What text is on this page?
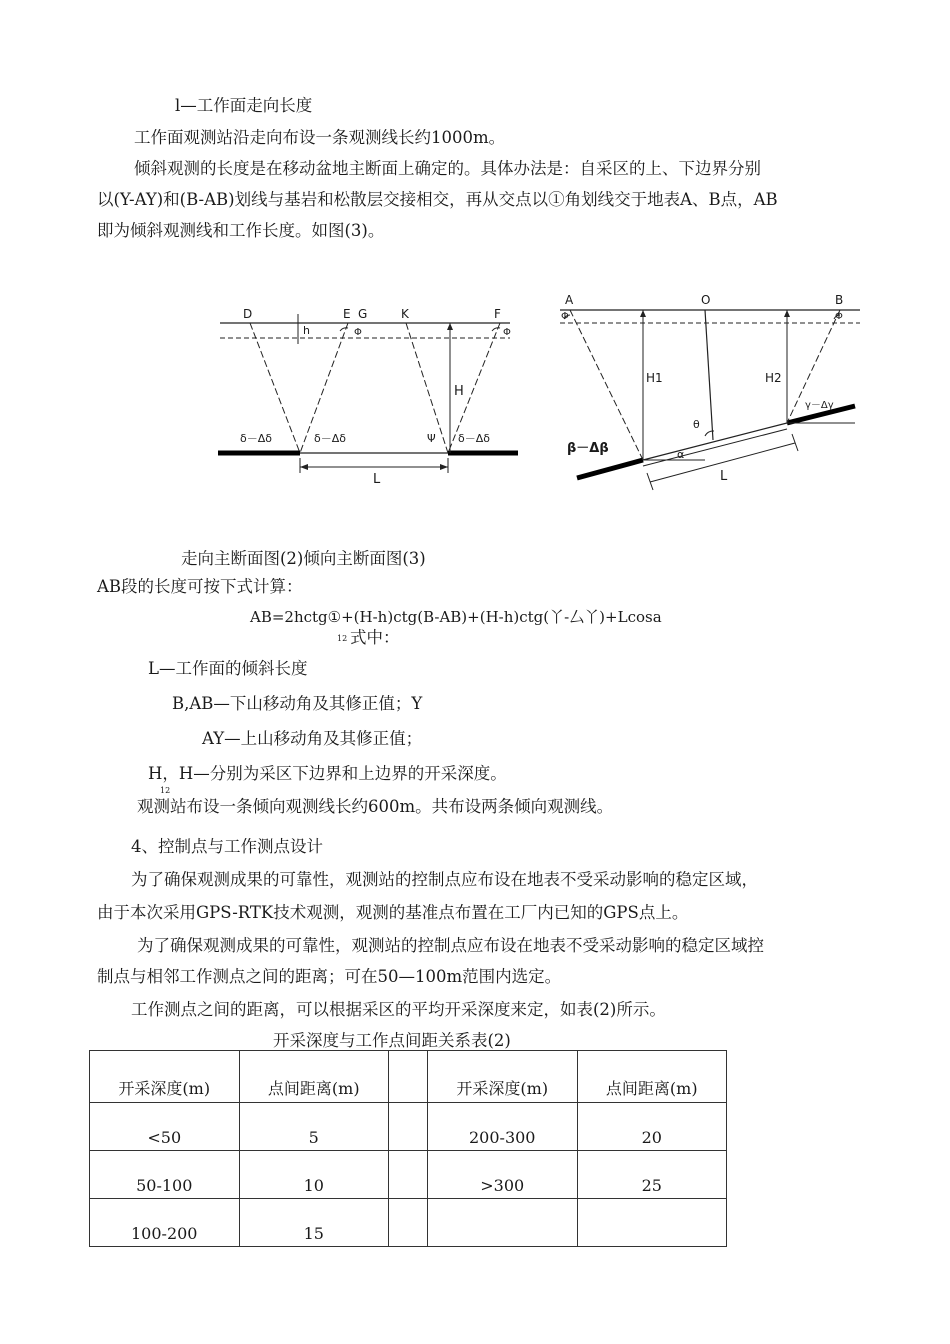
l—工作面走向长度
工作面观测站沿走向布设一条观测线长约1000m。
倾斜观测的长度是在移动盆地主断面上确定的。具体办法是：自采区的上、下边界分别
以(Y-AY)和(B-AB)划线与基岩和松散层交接相交，再从交点以①角划线交于地表A、B点，AB
即为倾斜观测线和工作长度。如图(3)。
D	E G	K	F
h	Φ	Φ
H
Ψ
δ－Δδ	δ－Δδ	δ－Δδ
L
A	O	B
Φ	Φ
H1	H2
θ
α
L
β－Δβ
γ－Δγ
走向主断面图(2)倾向主断面图(3)
AB段的长度可按下式计算：
AB=2hctg①+(H-h)ctg(B-AB)+(H-h)ctg(丫-厶丫)+Lcosa
12 式中：
L—工作面的倾斜长度
B,AB—下山移动角及其修正值；Y
AY—上山移动角及其修正值；
H，H—分别为采区下边界和上边界的开采深度。
12
观测站布设一条倾向观测线长约600m。共布设两条倾向观测线。
4、控制点与工作测点设计
为了确保观测成果的可靠性，观测站的控制点应布设在地表不受采动影响的稳定区域，
由于本次采用GPS-RTK技术观测，观测的基准点布置在工厂内已知的GPS点上。
为了确保观测成果的可靠性，观测站的控制点应布设在地表不受采动影响的稳定区域控
制点与相邻工作测点之间的距离；可在50—100m范围内选定。
工作测点之间的距离，可以根据采区的平均开采深度来定，如表(2)所示。
开采深度与工作点间距关系表(2)
开采深度(m)	点间距离(m)		开采深度(m)	点间距离(m)
<50	5		200-300	20
50-100	10		>300	25
100-200	15			
